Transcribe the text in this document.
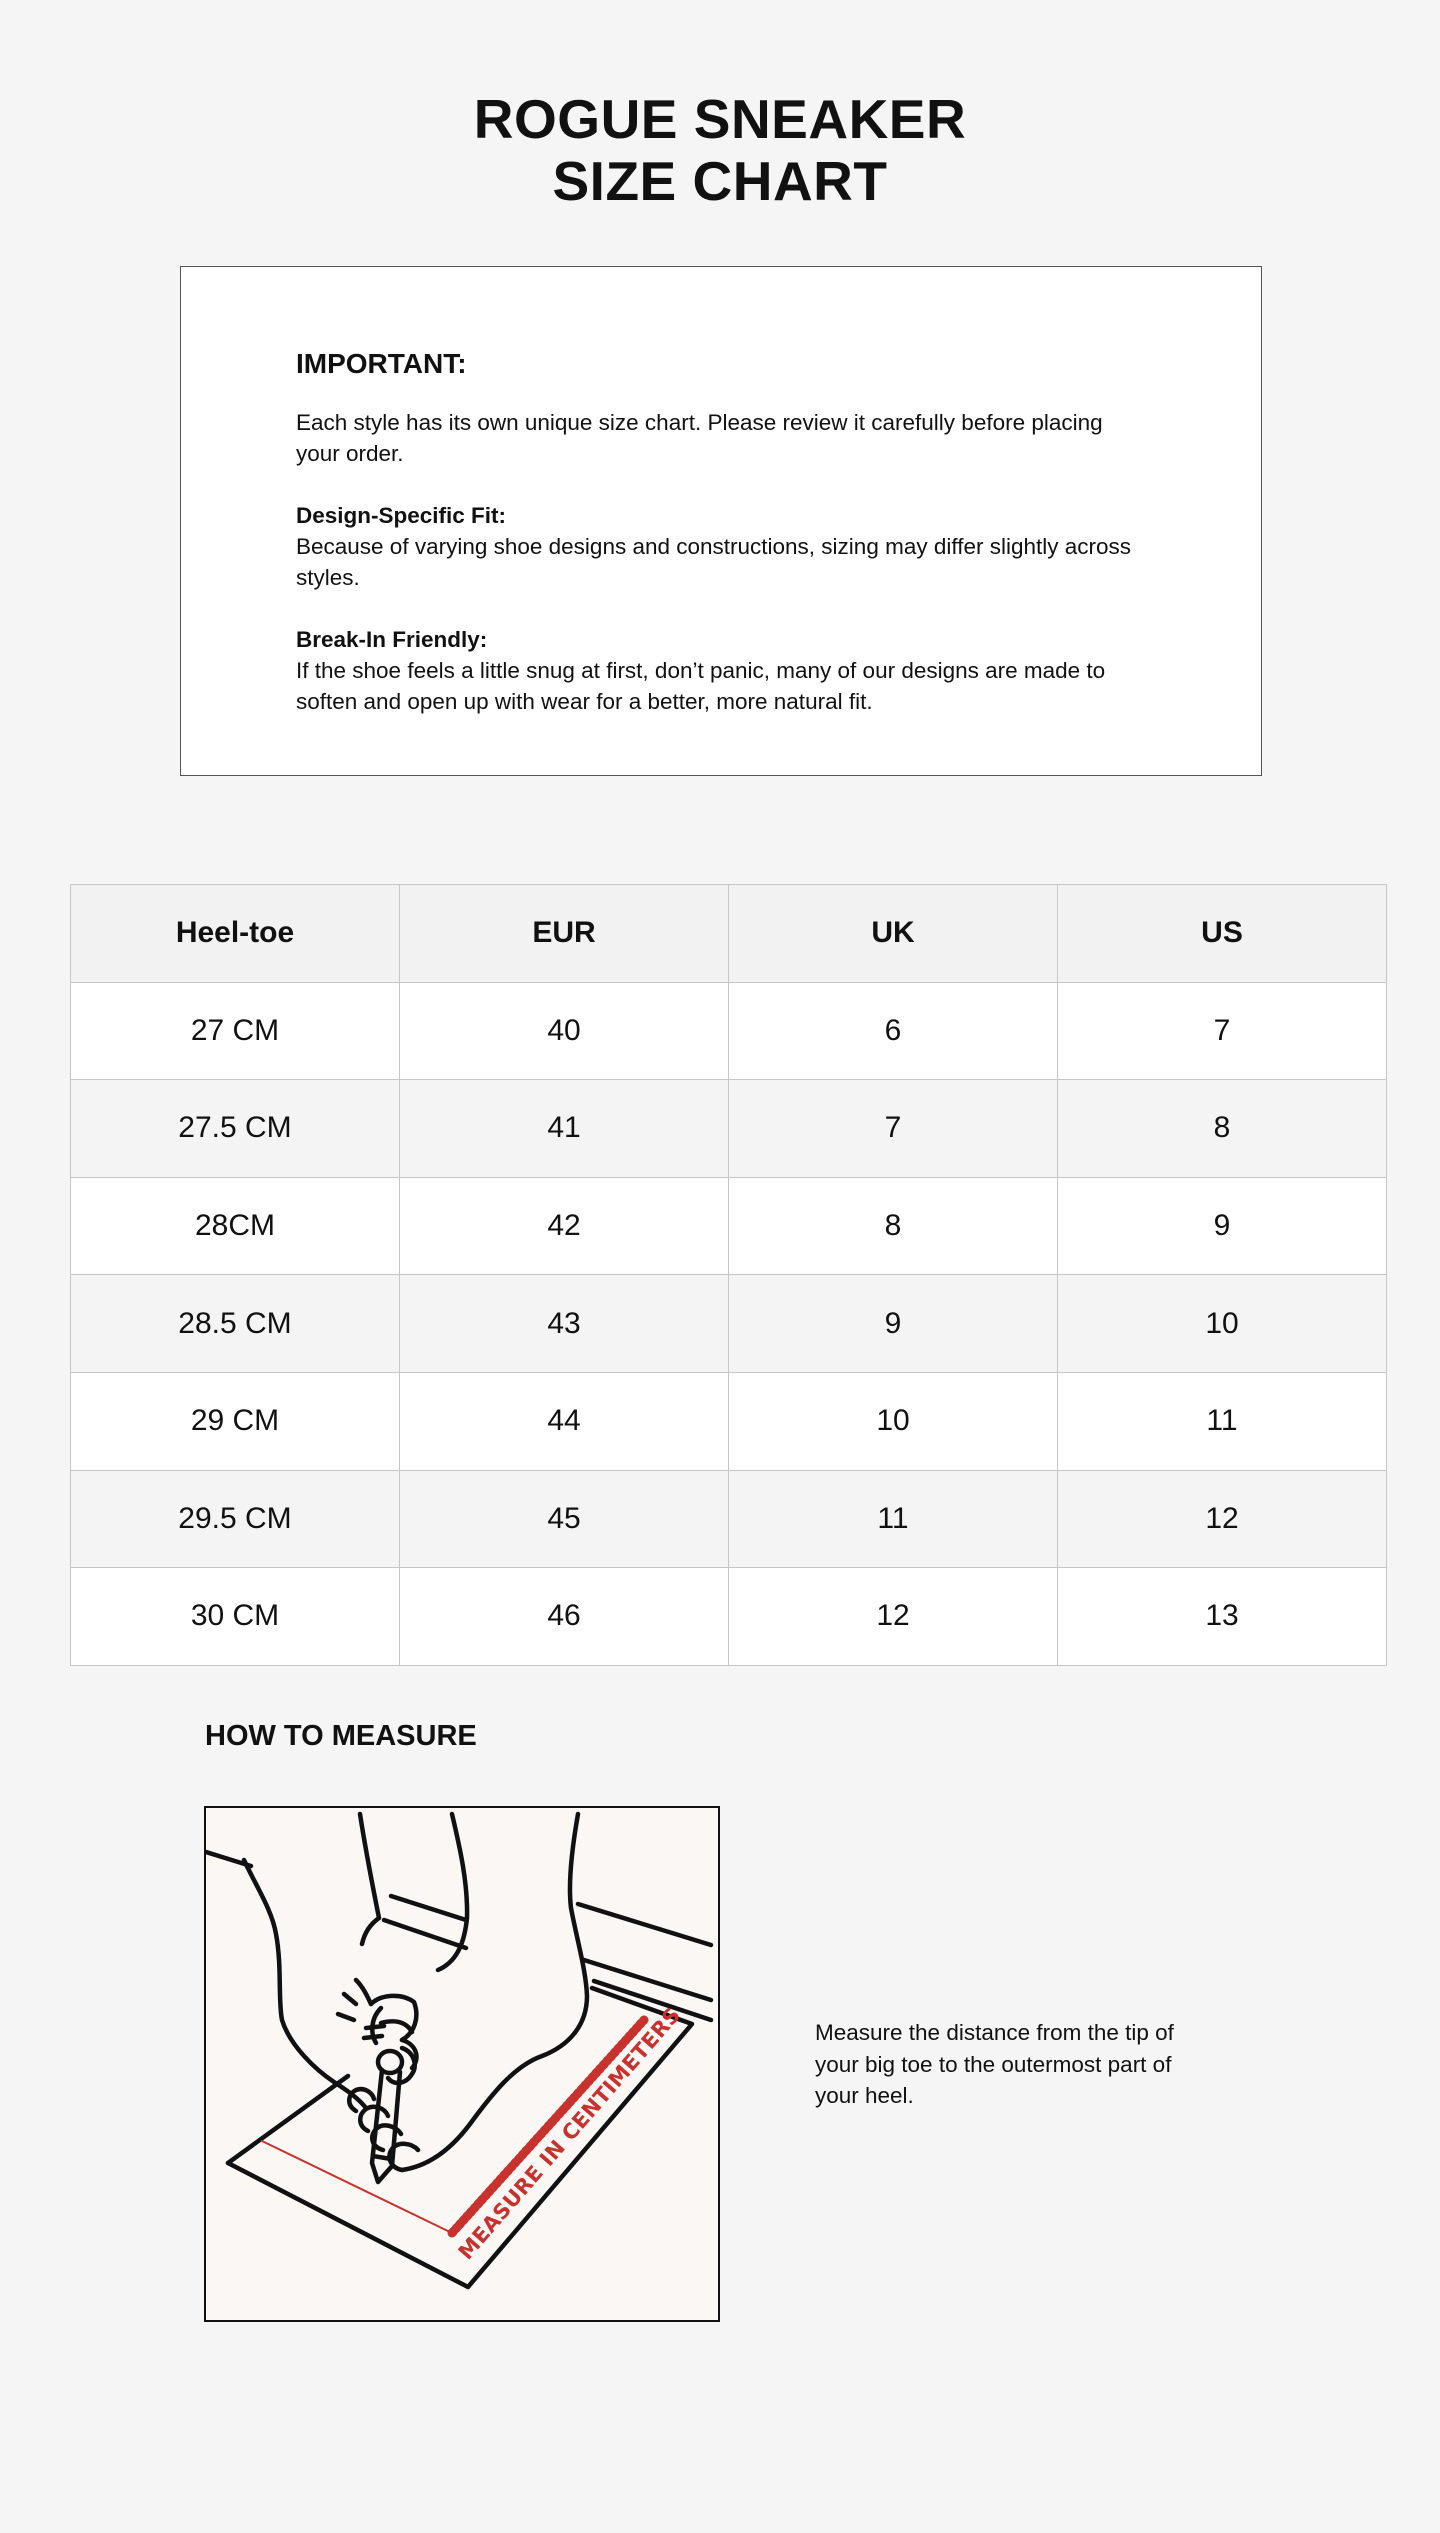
ROGUE SNEAKER
SIZE CHART
IMPORTANT:

Each style has its own unique size chart. Please review it carefully before placing your order.

Design-Specific Fit:

Because of varying shoe designs and constructions, sizing may differ slightly across styles.

Break-In Friendly:

If the shoe feels a little snug at first, don’t panic, many of our designs are made to soften and open up with wear for a better, more natural fit.

Heel-toe	EUR	UK	US
27 CM	40	6	7
27.5 CM	41	7	8
28CM	42	8	9
28.5 CM	43	9	10
29 CM	44	10	11
29.5 CM	45	11	12
30 CM	46	12	13
HOW TO MEASURE
MEASURE IN CENTIMETERS	Measure the distance from the tip of your big toe to the outermost part of your heel.
